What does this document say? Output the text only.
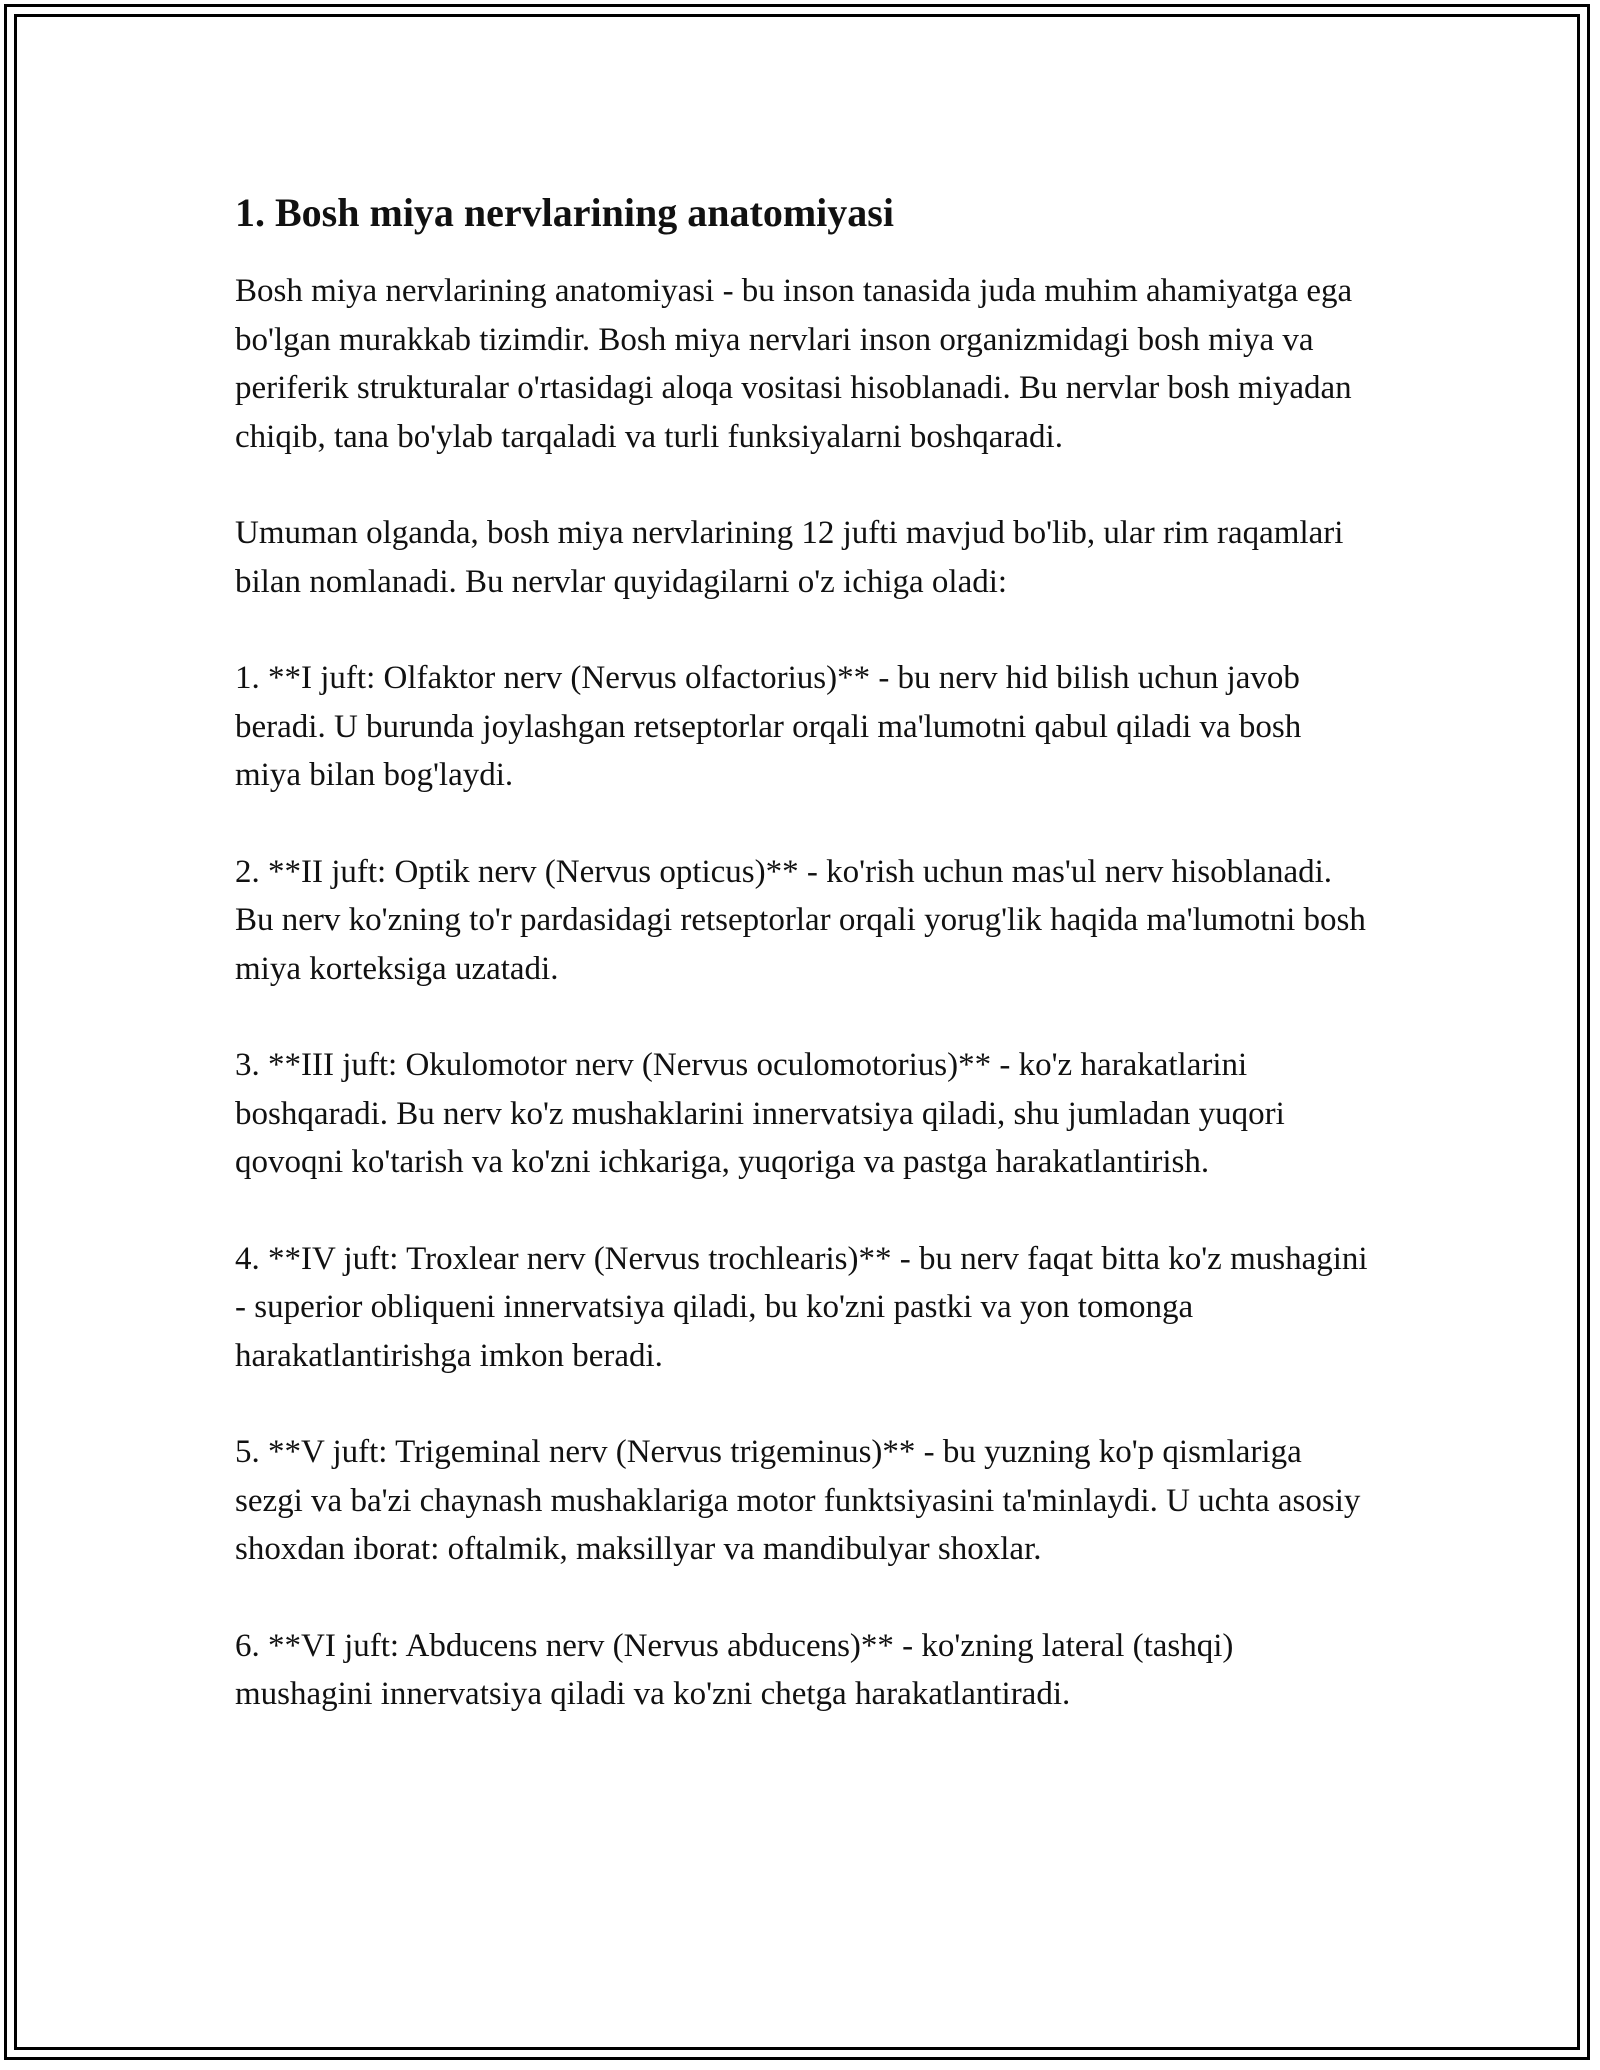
1. Bosh miya nervlarining anatomiyasi

Bosh miya nervlarining anatomiyasi - bu inson tanasida juda muhim ahamiyatga ega bo'lgan murakkab tizimdir. Bosh miya nervlari inson organizmidagi bosh miya va periferik strukturalar o'rtasidagi aloqa vositasi hisoblanadi. Bu nervlar bosh miyadan chiqib, tana bo'ylab tarqaladi va turli funksiyalarni boshqaradi.

Umuman olganda, bosh miya nervlarining 12 jufti mavjud bo'lib, ular rim raqamlari bilan nomlanadi. Bu nervlar quyidagilarni o'z ichiga oladi:

1. **I juft: Olfaktor nerv (Nervus olfactorius)** - bu nerv hid bilish uchun javob beradi. U burunda joylashgan retseptorlar orqali ma'lumotni qabul qiladi va bosh miya bilan bog'laydi.

2. **II juft: Optik nerv (Nervus opticus)** - ko'rish uchun mas'ul nerv hisoblanadi. Bu nerv ko'zning to'r pardasidagi retseptorlar orqali yorug'lik haqida ma'lumotni bosh miya korteksiga uzatadi.

3. **III juft: Okulomotor nerv (Nervus oculomotorius)** - ko'z harakatlarini boshqaradi. Bu nerv ko'z mushaklarini innervatsiya qiladi, shu jumladan yuqori qovoqni ko'tarish va ko'zni ichkariga, yuqoriga va pastga harakatlantirish.

4. **IV juft: Troxlear nerv (Nervus trochlearis)** - bu nerv faqat bitta ko'z mushagini - superior obliqueni innervatsiya qiladi, bu ko'zni pastki va yon tomonga harakatlantirishga imkon beradi.

5. **V juft: Trigeminal nerv (Nervus trigeminus)** - bu yuzning ko'p qismlariga sezgi va ba'zi chaynash mushaklariga motor funktsiyasini ta'minlaydi. U uchta asosiy shoxdan iborat: oftalmik, maksillyar va mandibulyar shoxlar.

6. **VI juft: Abducens nerv (Nervus abducens)** - ko'zning lateral (tashqi) mushagini innervatsiya qiladi va ko'zni chetga harakatlantiradi.
